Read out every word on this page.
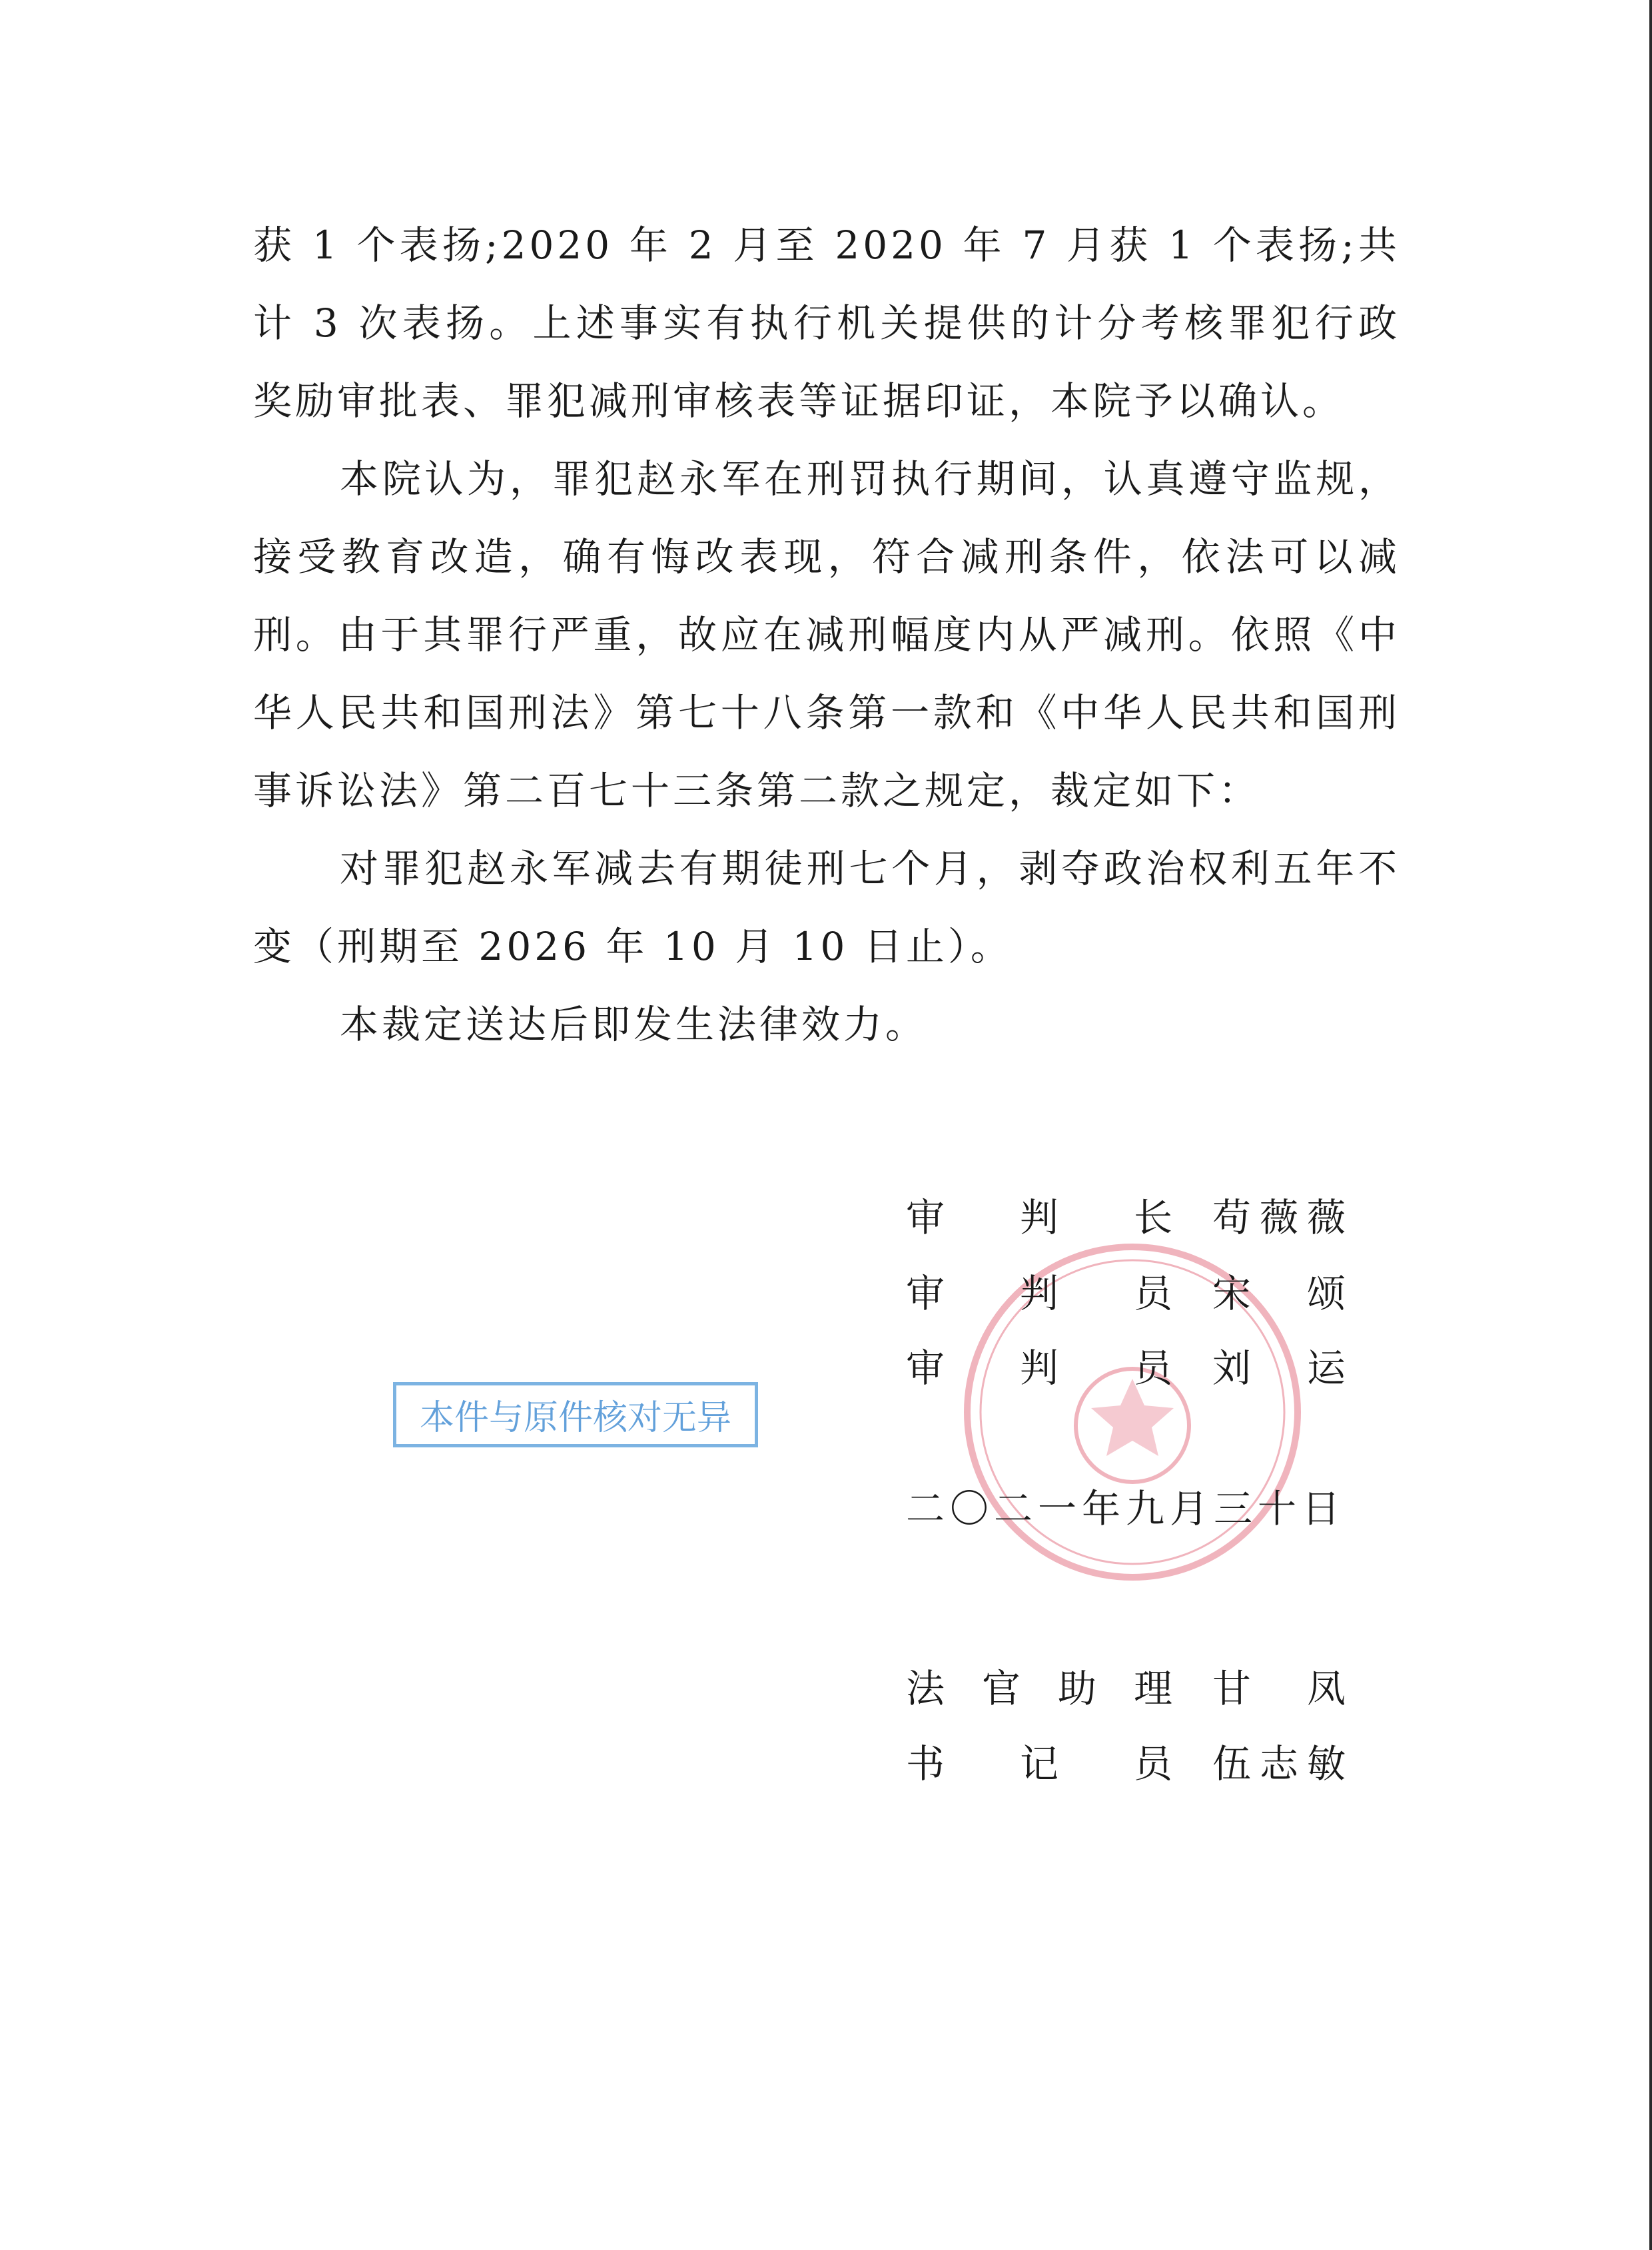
获 1 个表扬;2020 年 2 月至 2020 年 7 月获 1 个表扬;共计 3 次表扬。上述事实有执行机关提供的计分考核罪犯行政奖励审批表、罪犯减刑审核表等证据印证，本院予以确认。

本院认为，罪犯赵永军在刑罚执行期间，认真遵守监规，接受教育改造，确有悔改表现，符合减刑条件，依法可以减刑。由于其罪行严重，故应在减刑幅度内从严减刑。依照《中华人民共和国刑法》第七十八条第一款和《中华人民共和国刑事诉讼法》第二百七十三条第二款之规定，裁定如下：

对罪犯赵永军减去有期徒刑七个月，剥夺政治权利五年不变（刑期至 2026 年 10 月 10 日止）。

本裁定送达后即发生法律效力。

审 判 长 苟 薇 薇
审 判 员 宋 颂
审 判 员 刘 运
本件与原件核对无异
二〇二一年九月三十日
法 官 助 理 甘 凤
书 记 员 伍 志 敏
